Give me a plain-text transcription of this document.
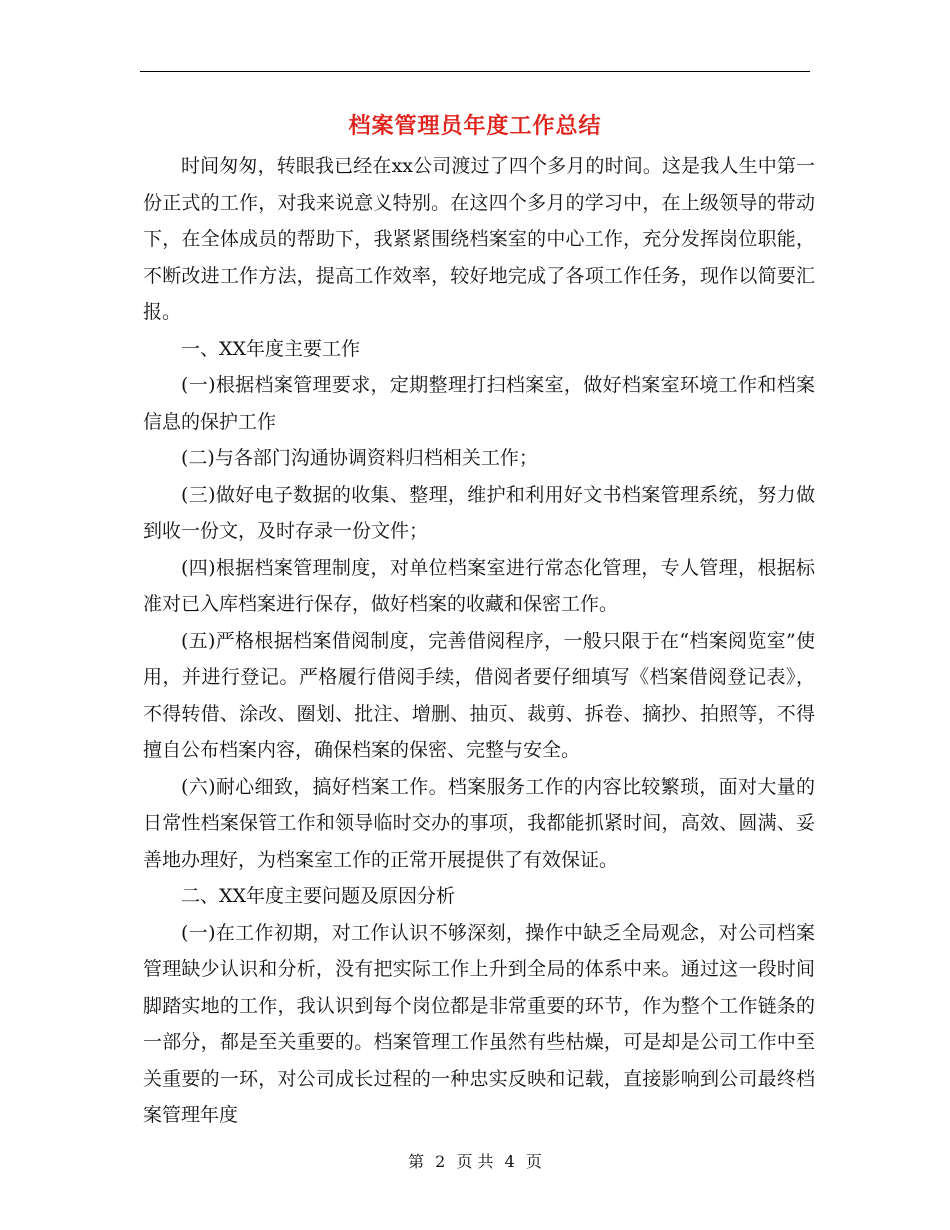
档案管理员年度工作总结

时间匆匆，转眼我已经在xx公司渡过了四个多月的时间。这是我人生中第一份正式的工作，对我来说意义特别。在这四个多月的学习中，在上级领导的带动下，在全体成员的帮助下，我紧紧围绕档案室的中心工作，充分发挥岗位职能，不断改进工作方法，提高工作效率，较好地完成了各项工作任务，现作以简要汇报。

一、XX年度主要工作

(一)根据档案管理要求，定期整理打扫档案室，做好档案室环境工作和档案信息的保护工作

(二)与各部门沟通协调资料归档相关工作；

(三)做好电子数据的收集、整理，维护和利用好文书档案管理系统，努力做到收一份文，及时存录一份文件；

(四)根据档案管理制度，对单位档案室进行常态化管理，专人管理，根据标准对已入库档案进行保存，做好档案的收藏和保密工作。

(五)严格根据档案借阅制度，完善借阅程序，一般只限于在“档案阅览室”使用，并进行登记。严格履行借阅手续，借阅者要仔细填写《档案借阅登记表》，不得转借、涂改、圈划、批注、增删、抽页、裁剪、拆卷、摘抄、拍照等，不得擅自公布档案内容，确保档案的保密、完整与安全。

(六)耐心细致，搞好档案工作。档案服务工作的内容比较繁琐，面对大量的日常性档案保管工作和领导临时交办的事项，我都能抓紧时间，高效、圆满、妥善地办理好，为档案室工作的正常开展提供了有效保证。

二、XX年度主要问题及原因分析

(一)在工作初期，对工作认识不够深刻，操作中缺乏全局观念，对公司档案管理缺少认识和分析，没有把实际工作上升到全局的体系中来。通过这一段时间脚踏实地的工作，我认识到每个岗位都是非常重要的环节，作为整个工作链条的一部分，都是至关重要的。档案管理工作虽然有些枯燥，可是却是公司工作中至关重要的一环，对公司成长过程的一种忠实反映和记载，直接影响到公司最终档案管理年度

第 2 页 共 4 页
